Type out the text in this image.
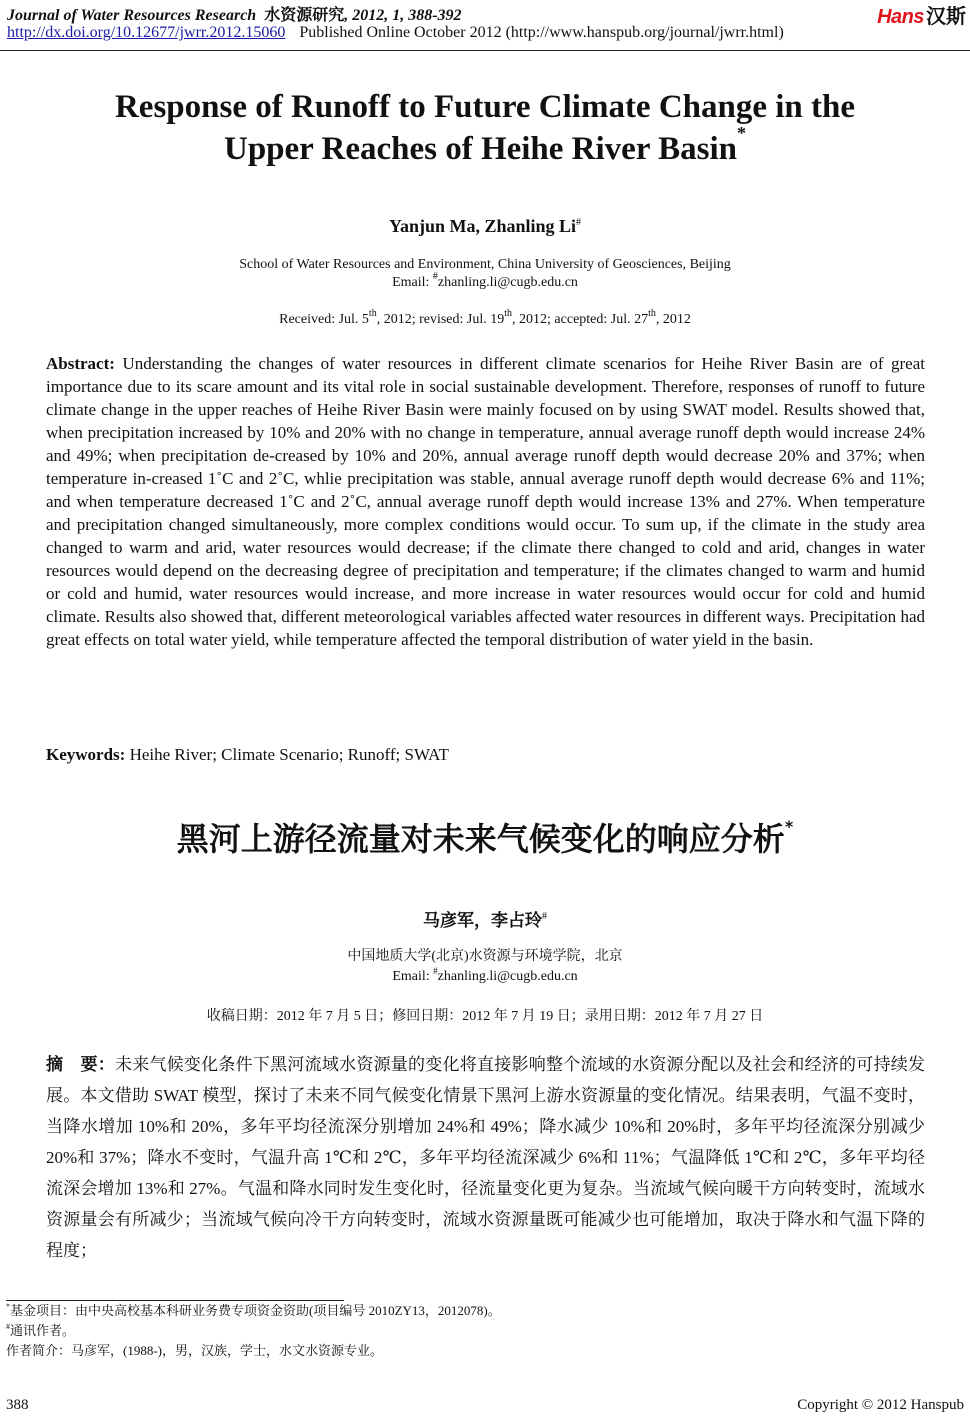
Journal of Water Resources Research 水资源研究, 2012, 1, 388-392
http://dx.doi.org/10.12677/jwrr.2012.15060 Published Online October 2012 (http://www.hanspub.org/journal/jwrr.html)
Hans 汉斯
Response of Runoff to Future Climate Change in the
Upper Reaches of Heihe River Basin*
Yanjun Ma, Zhanling Li#
School of Water Resources and Environment, China University of Geosciences, Beijing
Email: #zhanling.li@cugb.edu.cn
Received: Jul. 5th, 2012; revised: Jul. 19th, 2012; accepted: Jul. 27th, 2012
Abstract: Understanding the changes of water resources in different climate scenarios for Heihe River Basin are of great importance due to its scare amount and its vital role in social sustainable development. Therefore, responses of runoff to future climate change in the upper reaches of Heihe River Basin were mainly focused on by using SWAT model. Results showed that, when precipitation increased by 10% and 20% with no change in temperature, annual average runoff depth would increase 24% and 49%; when precipitation de-creased by 10% and 20%, annual average runoff depth would decrease 20% and 37%; when temperature in-creased 1˚C and 2˚C, whlie precipitation was stable, annual average runoff depth would decrease 6% and 11%; and when temperature decreased 1˚C and 2˚C, annual average runoff depth would increase 13% and 27%. When temperature and precipitation changed simultaneously, more complex conditions would occur. To sum up, if the climate in the study area changed to warm and arid, water resources would decrease; if the climate there changed to cold and arid, changes in water resources would depend on the decreasing degree of precipitation and temperature; if the climates changed to warm and humid or cold and humid, water resources would increase, and more increase in water resources would occur for cold and humid climate. Results also showed that, different meteorological variables affected water resources in different ways. Precipitation had great effects on total water yield, while temperature affected the temporal distribution of water yield in the basin.
Keywords: Heihe River; Climate Scenario; Runoff; SWAT
黑河上游径流量对未来气候变化的响应分析*
马彦军，李占玲#
中国地质大学(北京)水资源与环境学院，北京
Email: #zhanling.li@cugb.edu.cn
收稿日期：2012 年 7 月 5 日；修回日期：2012 年 7 月 19 日；录用日期：2012 年 7 月 27 日
摘　要：未来气候变化条件下黑河流域水资源量的变化将直接影响整个流域的水资源分配以及社会和经济的可持续发展。本文借助 SWAT 模型，探讨了未来不同气候变化情景下黑河上游水资源量的变化情况。结果表明，气温不变时，当降水增加 10%和 20%，多年平均径流深分别增加 24%和 49%；降水减少 10%和 20%时，多年平均径流深分别减少 20%和 37%；降水不变时，气温升高 1℃和 2℃，多年平均径流深减少 6%和 11%；气温降低 1℃和 2℃，多年平均径流深会增加 13%和 27%。气温和降水同时发生变化时，径流量变化更为复杂。当流域气候向暖干方向转变时，流域水资源量会有所减少；当流域气候向冷干方向转变时，流域水资源量既可能减少也可能增加，取决于降水和气温下降的程度；
*基金项目：由中央高校基本科研业务费专项资金资助(项目编号 2010ZY13，2012078)。
#通讯作者。
作者简介：马彦军，(1988-)，男，汉族，学士，水文水资源专业。
388	Copyright © 2012 Hanspub
